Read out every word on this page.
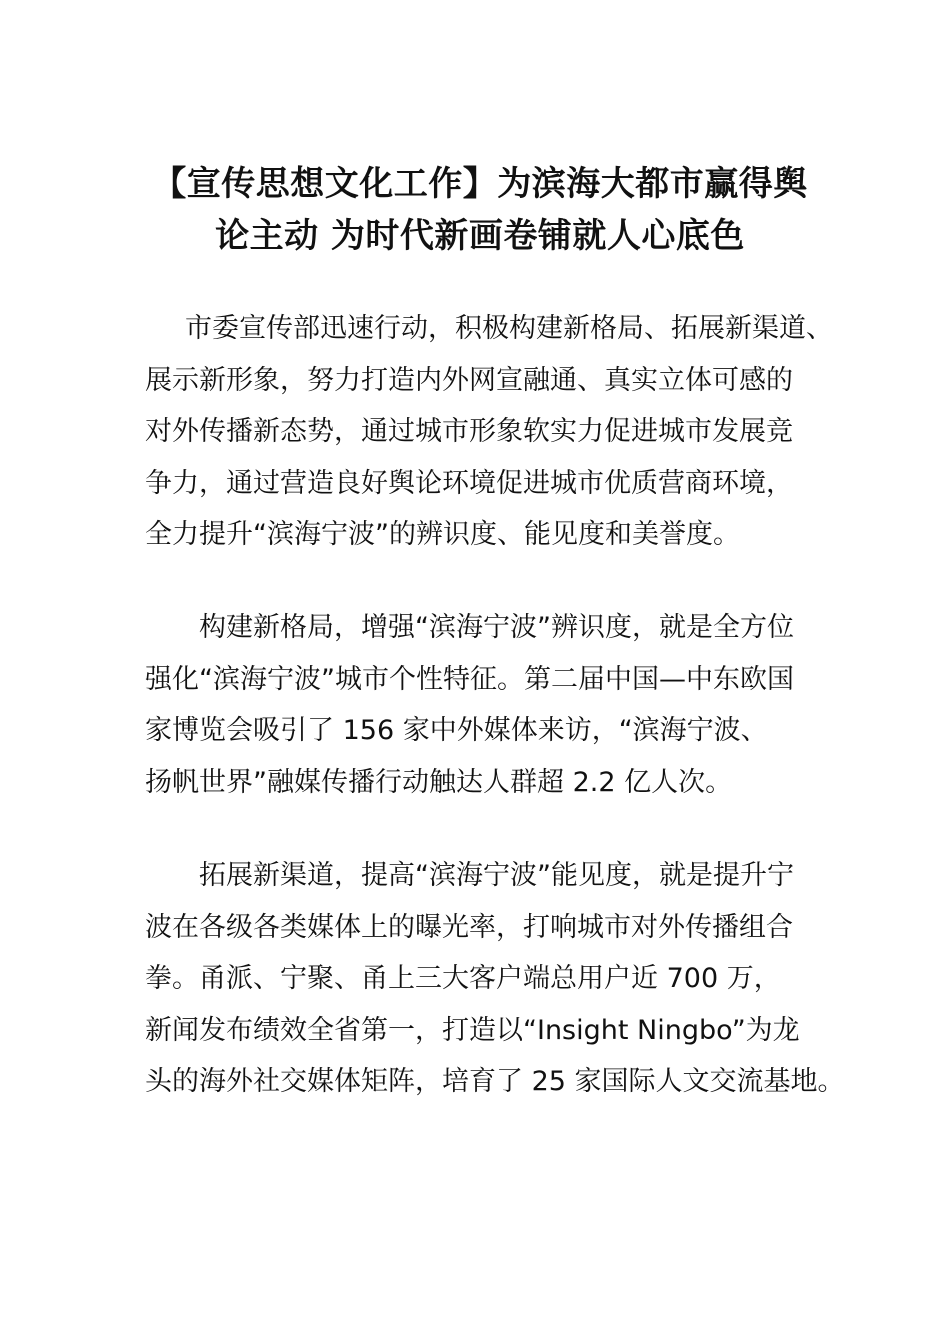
【宣传思想文化工作】为滨海大都市赢得舆
论主动 为时代新画卷铺就人心底色
市委宣传部迅速行动，积极构建新格局、拓展新渠道、
展示新形象，努力打造内外网宣融通、真实立体可感的
对外传播新态势，通过城市形象软实力促进城市发展竞
争力，通过营造良好舆论环境促进城市优质营商环境，
全力提升“滨海宁波”的辨识度、能见度和美誉度。
构建新格局，增强“滨海宁波”辨识度，就是全方位
强化“滨海宁波”城市个性特征。第二届中国—中东欧国
家博览会吸引了 156 家中外媒体来访，“滨海宁波、
扬帆世界”融媒传播行动触达人群超 2.2 亿人次。
拓展新渠道，提高“滨海宁波”能见度，就是提升宁
波在各级各类媒体上的曝光率，打响城市对外传播组合
拳。甬派、宁聚、甬上三大客户端总用户近 700 万，
新闻发布绩效全省第一，打造以“Insight Ningbo”为龙
头的海外社交媒体矩阵，培育了 25 家国际人文交流基地。
